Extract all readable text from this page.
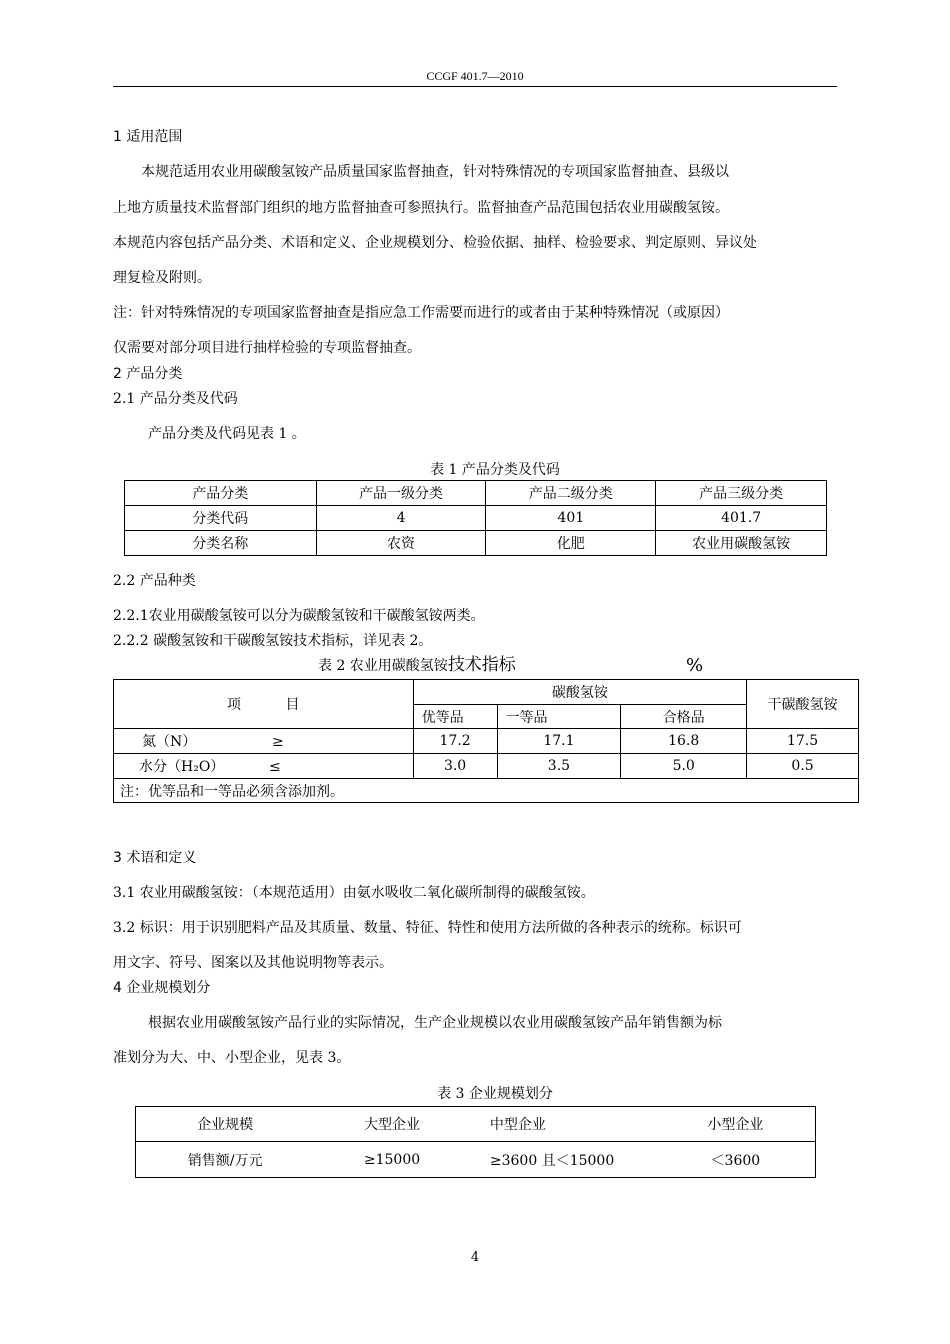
CCGF 401.7—2010
1 适用范围
本规范适用农业用碳酸氢铵产品质量国家监督抽查，针对特殊情况的专项国家监督抽查、县级以
上地方质量技术监督部门组织的地方监督抽查可参照执行。监督抽查产品范围包括农业用碳酸氢铵。
本规范内容包括产品分类、术语和定义、企业规模划分、检验依据、抽样、检验要求、判定原则、异议处
理复检及附则。
注：针对特殊情况的专项国家监督抽查是指应急工作需要而进行的或者由于某种特殊情况（或原因）
仅需要对部分项目进行抽样检验的专项监督抽查。
2 产品分类
2.1 产品分类及代码
产品分类及代码见表 1 。
表 1 产品分类及代码
产品分类	产品一级分类	产品二级分类	产品三级分类
分类代码	4	401	401.7
分类名称	农资	化肥	农业用碳酸氢铵
2.2 产品种类
2.2.1农业用碳酸氢铵可以分为碳酸氢铵和干碳酸氢铵两类。
2.2.2 碳酸氢铵和干碳酸氢铵技术指标，详见表 2。
表 2 农业用碳酸氢铵技术指标	%
项          目	碳酸氢铵			干碳酸氢铵
	优等品	一等品	合格品	
氮（N） ≥	17.2	17.1	16.8	17.5
水分（H₂O） ≤	3.0	3.5	5.0	0.5
注：优等品和一等品必须含添加剂。				
3 术语和定义
3.1 农业用碳酸氢铵：（本规范适用）由氨水吸收二氧化碳所制得的碳酸氢铵。
3.2 标识：用于识别肥料产品及其质量、数量、特征、特性和使用方法所做的各种表示的统称。标识可
用文字、符号、图案以及其他说明物等表示。
4 企业规模划分
根据农业用碳酸氢铵产品行业的实际情况，生产企业规模以农业用碳酸氢铵产品年销售额为标
准划分为大、中、小型企业，见表 3。
表 3 企业规模划分
企业规模	大型企业	中型企业	小型企业
销售额/万元	≥15000	≥3600 且＜15000	＜3600
4
